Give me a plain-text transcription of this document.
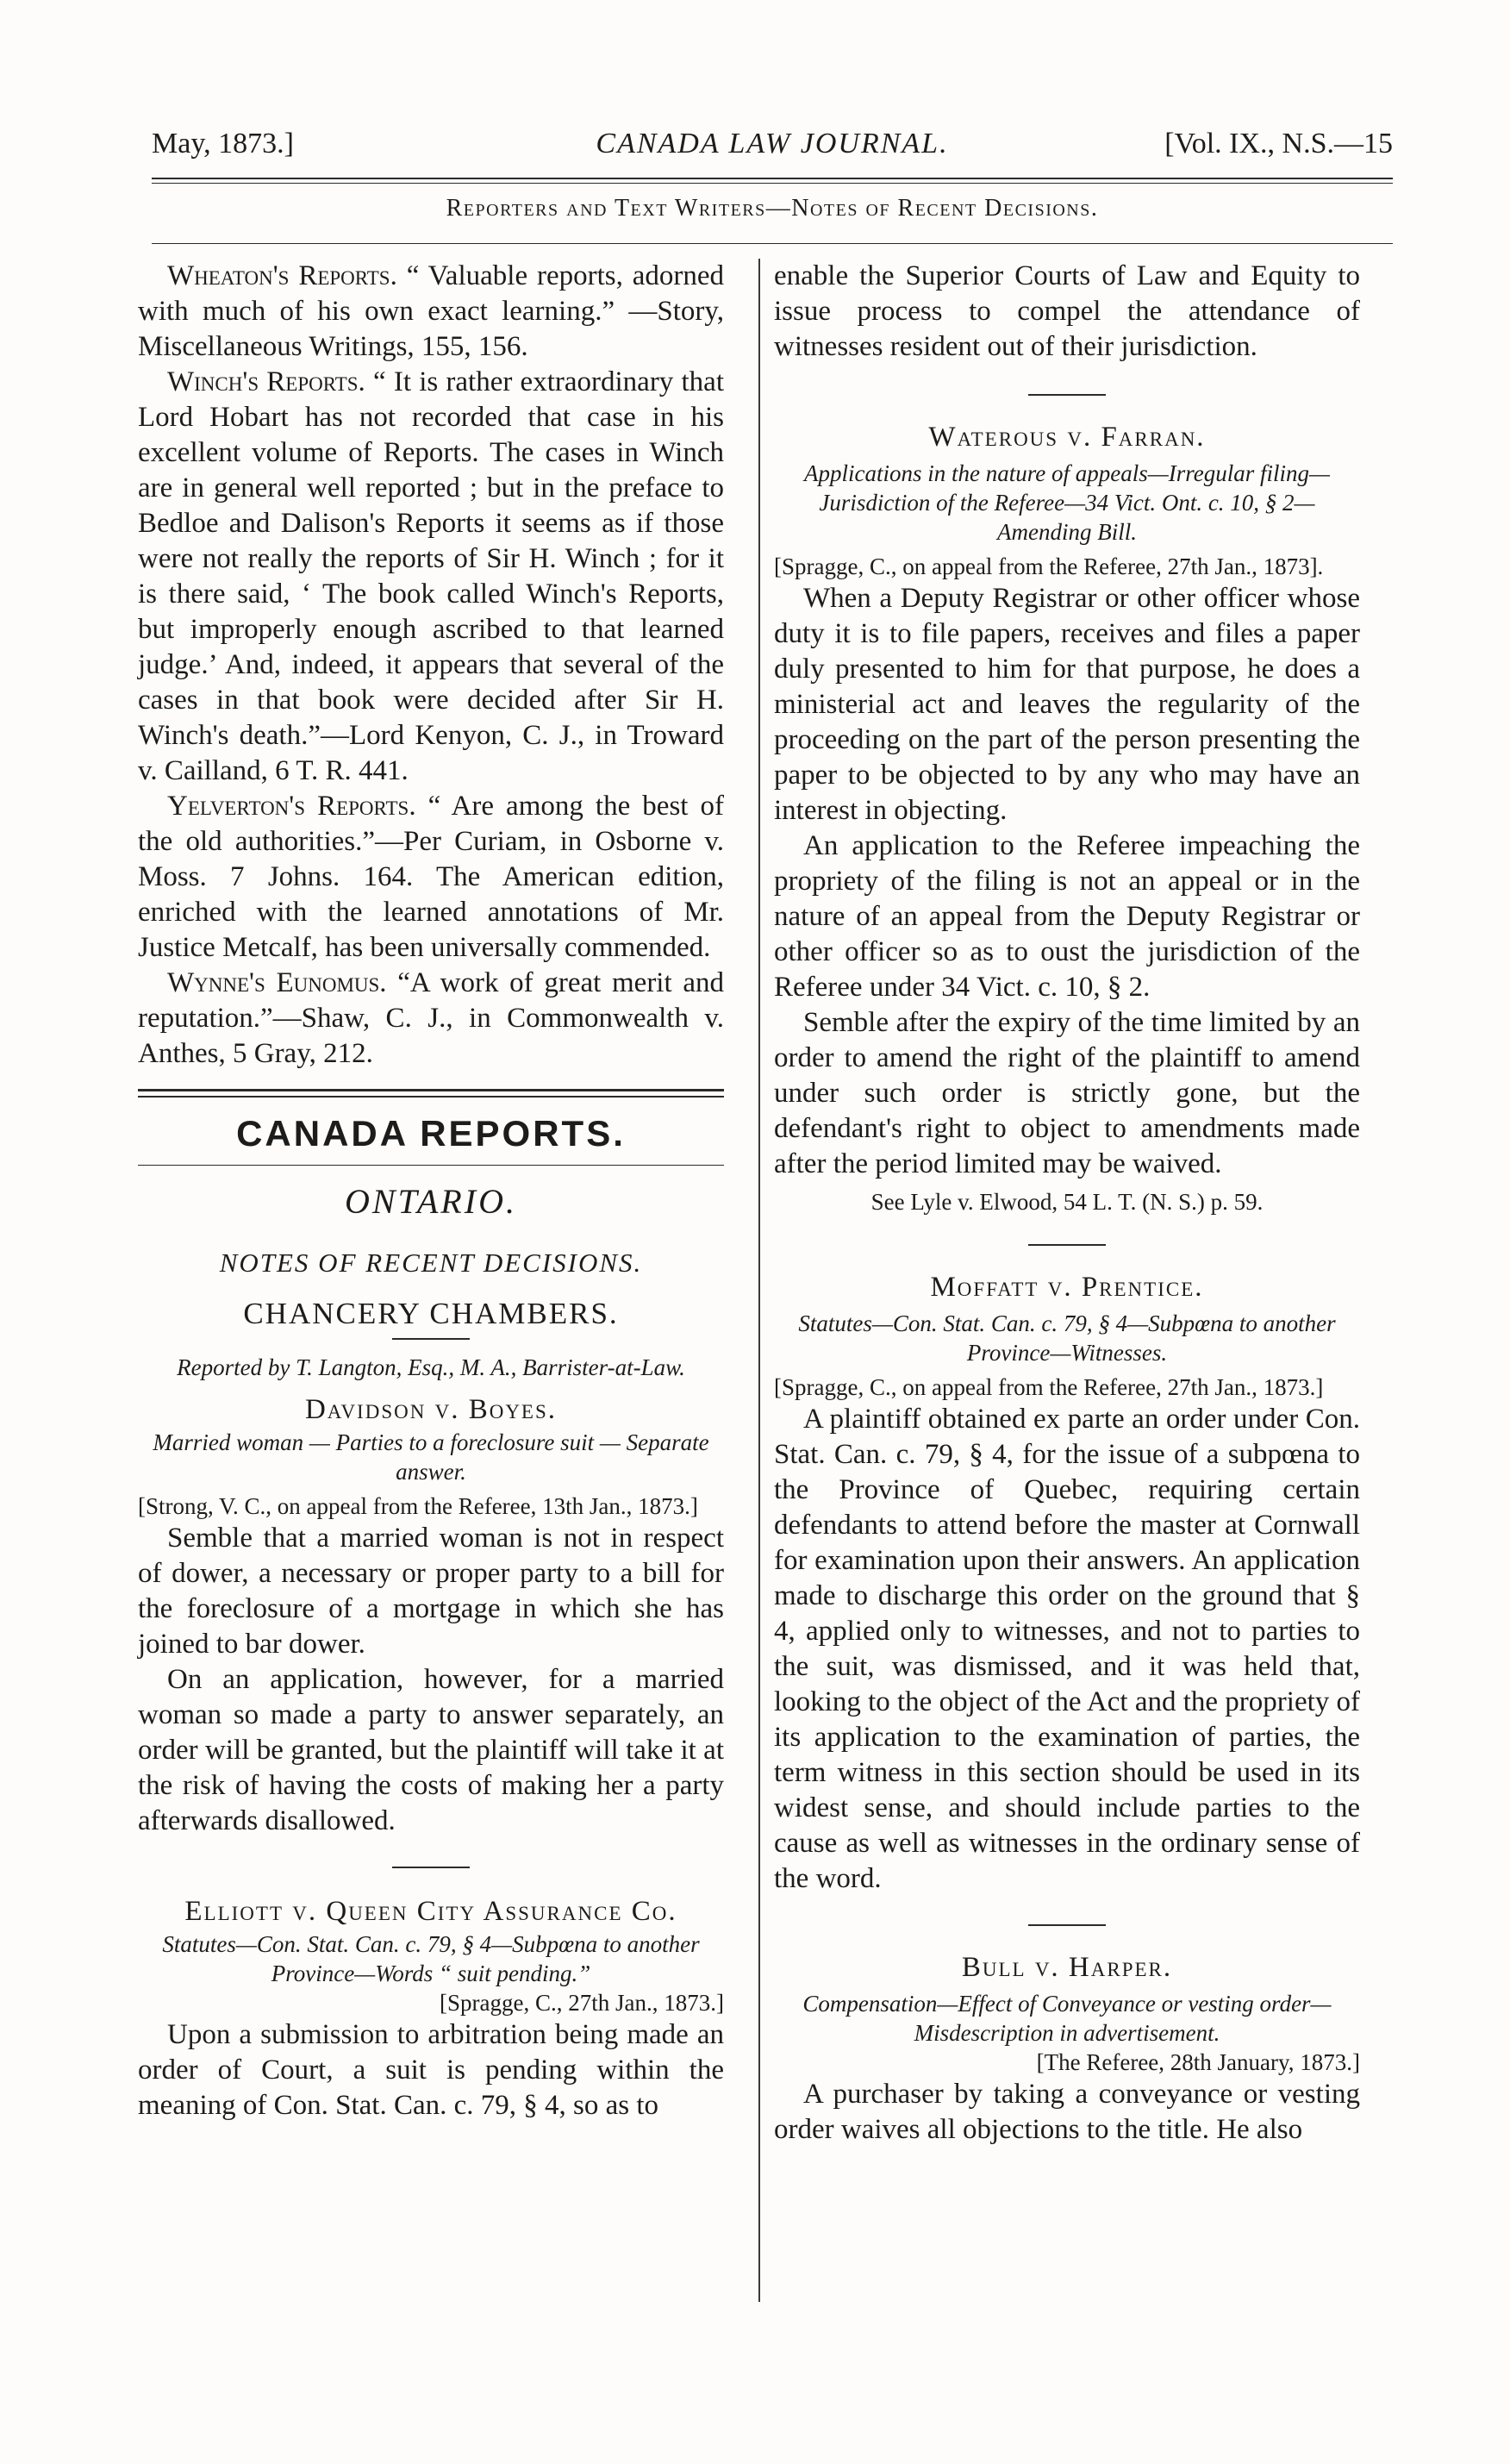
May, 1873.]	CANADA LAW JOURNAL.	[Vol. IX., N.S.—15
Reporters and Text Writers—Notes of Recent Decisions.

Wheaton's Reports. “ Valuable reports, adorned with much of his own exact learning.” —Story, Miscellaneous Writings, 155, 156.

Winch's Reports. “ It is rather extraordinary that Lord Hobart has not recorded that case in his excellent volume of Reports. The cases in Winch are in general well reported ; but in the preface to Bedloe and Dalison's Reports it seems as if those were not really the reports of Sir H. Winch ; for it is there said, ‘ The book called Winch's Reports, but improperly enough ascribed to that learned judge.’ And, indeed, it appears that several of the cases in that book were decided after Sir H. Winch's death.”—Lord Kenyon, C. J., in Troward v. Cailland, 6 T. R. 441.

Yelverton's Reports. “ Are among the best of the old authorities.”—Per Curiam, in Osborne v. Moss. 7 Johns. 164. The American edition, enriched with the learned annotations of Mr. Justice Metcalf, has been universally commended.

Wynne's Eunomus. “A work of great merit and reputation.”—Shaw, C. J., in Commonwealth v. Anthes, 5 Gray, 212.

CANADA REPORTS.

ONTARIO.

NOTES OF RECENT DECISIONS.

CHANCERY CHAMBERS.

Reported by T. Langton, Esq., M. A., Barrister-at-Law.

Davidson v. Boyes.

Married woman — Parties to a foreclosure suit — Separate answer.

[Strong, V. C., on appeal from the Referee, 13th Jan., 1873.]

Semble that a married woman is not in respect of dower, a necessary or proper party to a bill for the foreclosure of a mortgage in which she has joined to bar dower.

On an application, however, for a married woman so made a party to answer separately, an order will be granted, but the plaintiff will take it at the risk of having the costs of making her a party afterwards disallowed.

Elliott v. Queen City Assurance Co.

Statutes—Con. Stat. Can. c. 79, § 4—Subpœna to another Province—Words “ suit pending.”

[Spragge, C., 27th Jan., 1873.]

Upon a submission to arbitration being made an order of Court, a suit is pending within the meaning of Con. Stat. Can. c. 79, § 4, so as to

enable the Superior Courts of Law and Equity to issue process to compel the attendance of witnesses resident out of their jurisdiction.

Waterous v. Farran.

Applications in the nature of appeals—Irregular filing—Jurisdiction of the Referee—34 Vict. Ont. c. 10, § 2—Amending Bill.

[Spragge, C., on appeal from the Referee, 27th Jan., 1873].

When a Deputy Registrar or other officer whose duty it is to file papers, receives and files a paper duly presented to him for that purpose, he does a ministerial act and leaves the regularity of the proceeding on the part of the person presenting the paper to be objected to by any who may have an interest in objecting.

An application to the Referee impeaching the propriety of the filing is not an appeal or in the nature of an appeal from the Deputy Registrar or other officer so as to oust the jurisdiction of the Referee under 34 Vict. c. 10, § 2.

Semble after the expiry of the time limited by an order to amend the right of the plaintiff to amend under such order is strictly gone, but the defendant's right to object to amendments made after the period limited may be waived.

See Lyle v. Elwood, 54 L. T. (N. S.) p. 59.

Moffatt v. Prentice.

Statutes—Con. Stat. Can. c. 79, § 4—Subpœna to another Province—Witnesses.

[Spragge, C., on appeal from the Referee, 27th Jan., 1873.]

A plaintiff obtained ex parte an order under Con. Stat. Can. c. 79, § 4, for the issue of a subpœna to the Province of Quebec, requiring certain defendants to attend before the master at Cornwall for examination upon their answers. An application made to discharge this order on the ground that § 4, applied only to witnesses, and not to parties to the suit, was dismissed, and it was held that, looking to the object of the Act and the propriety of its application to the examination of parties, the term witness in this section should be used in its widest sense, and should include parties to the cause as well as witnesses in the ordinary sense of the word.

Bull v. Harper.

Compensation—Effect of Conveyance or vesting order—Misdescription in advertisement.

[The Referee, 28th January, 1873.]

A purchaser by taking a conveyance or vesting order waives all objections to the title. He also
